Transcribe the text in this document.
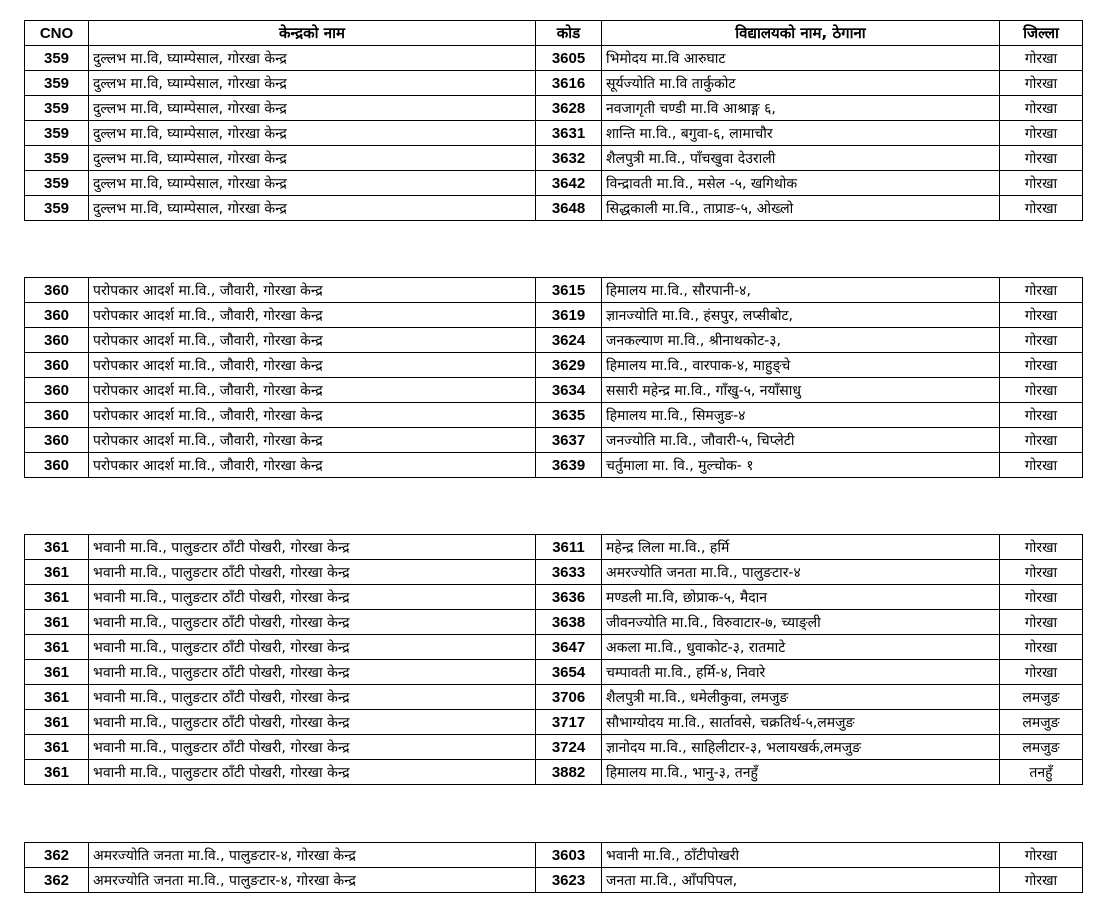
CNO	केन्द्रको नाम	कोड	विद्यालयको नाम, ठेगाना	जिल्ला
359	दुल्लभ मा.वि, घ्याम्पेसाल, गोरखा केन्द्र	3605	भिमोदय मा.वि आरुघाट	गोरखा
359	दुल्लभ मा.वि, घ्याम्पेसाल, गोरखा केन्द्र	3616	सूर्यज्योति मा.वि तार्कुकोट	गोरखा
359	दुल्लभ मा.वि, घ्याम्पेसाल, गोरखा केन्द्र	3628	नवजागृती चण्डी मा.वि आश्राङ्ग ६,	गोरखा
359	दुल्लभ मा.वि, घ्याम्पेसाल, गोरखा केन्द्र	3631	शान्ति मा.वि., बगुवा-६, लामाचौर	गोरखा
359	दुल्लभ मा.वि, घ्याम्पेसाल, गोरखा केन्द्र	3632	शैलपुत्री मा.वि., पाँचखुवा देउराली	गोरखा
359	दुल्लभ मा.वि, घ्याम्पेसाल, गोरखा केन्द्र	3642	विन्द्रावती मा.वि., मसेल -५, खगिथोक	गोरखा
359	दुल्लभ मा.वि, घ्याम्पेसाल, गोरखा केन्द्र	3648	सिद्धकाली मा.वि., ताप्राङ-५, ओख्लो	गोरखा
360	परोपकार आदर्श मा.वि., जौवारी, गोरखा केन्द्र	3615	हिमालय मा.वि., सौरपानी-४,	गोरखा
360	परोपकार आदर्श मा.वि., जौवारी, गोरखा केन्द्र	3619	ज्ञानज्योति मा.वि., हंसपुर, लप्सीबोट,	गोरखा
360	परोपकार आदर्श मा.वि., जौवारी, गोरखा केन्द्र	3624	जनकल्याण मा.वि., श्रीनाथकोट-३,	गोरखा
360	परोपकार आदर्श मा.वि., जौवारी, गोरखा केन्द्र	3629	हिमालय मा.वि., वारपाक-४, माहुङ्चे	गोरखा
360	परोपकार आदर्श मा.वि., जौवारी, गोरखा केन्द्र	3634	ससारी महेन्द्र मा.वि., गाँखु-५, नयाँसाधु	गोरखा
360	परोपकार आदर्श मा.वि., जौवारी, गोरखा केन्द्र	3635	हिमालय मा.वि., सिमजुङ-४	गोरखा
360	परोपकार आदर्श मा.वि., जौवारी, गोरखा केन्द्र	3637	जनज्योति मा.वि., जौवारी-५, चिप्लेटी	गोरखा
360	परोपकार आदर्श मा.वि., जौवारी, गोरखा केन्द्र	3639	चर्तुमाला मा. वि., मुल्चोक- १	गोरखा
361	भवानी मा.वि., पालुङटार ठाँटी पोखरी, गोरखा केन्द्र	3611	महेन्द्र लिला मा.वि., हर्मि	गोरखा
361	भवानी मा.वि., पालुङटार ठाँटी पोखरी, गोरखा केन्द्र	3633	अमरज्योति जनता मा.वि., पालुङटार-४	गोरखा
361	भवानी मा.वि., पालुङटार ठाँटी पोखरी, गोरखा केन्द्र	3636	मण्डली मा.वि, छोप्राक-५, मैदान	गोरखा
361	भवानी मा.वि., पालुङटार ठाँटी पोखरी, गोरखा केन्द्र	3638	जीवनज्योति मा.वि., विरुवाटार-७, च्याङ्ली	गोरखा
361	भवानी मा.वि., पालुङटार ठाँटी पोखरी, गोरखा केन्द्र	3647	अकला मा.वि., धुवाकोट-३, रातमाटे	गोरखा
361	भवानी मा.वि., पालुङटार ठाँटी पोखरी, गोरखा केन्द्र	3654	चम्पावती मा.वि., हर्मि-४, निवारे	गोरखा
361	भवानी मा.वि., पालुङटार ठाँटी पोखरी, गोरखा केन्द्र	3706	शैलपुत्री मा.वि., धमेलीकुवा, लमजुङ	लमजुङ
361	भवानी मा.वि., पालुङटार ठाँटी पोखरी, गोरखा केन्द्र	3717	सौभाग्योदय मा.वि., सार्तावसे, चक्रतिर्थ-५,लमजुङ	लमजुङ
361	भवानी मा.वि., पालुङटार ठाँटी पोखरी, गोरखा केन्द्र	3724	ज्ञानोदय मा.वि., साहिलीटार-३, भलायखर्क,लमजुङ	लमजुङ
361	भवानी मा.वि., पालुङटार ठाँटी पोखरी, गोरखा केन्द्र	3882	हिमालय मा.वि., भानु-३, तनहुँ	तनहुँ
362	अमरज्योति जनता मा.वि., पालुङटार-४, गोरखा केन्द्र	3603	भवानी मा.वि., ठाँटीपोखरी	गोरखा
362	अमरज्योति जनता मा.वि., पालुङटार-४, गोरखा केन्द्र	3623	जनता मा.वि., आँपपिपल,	गोरखा
